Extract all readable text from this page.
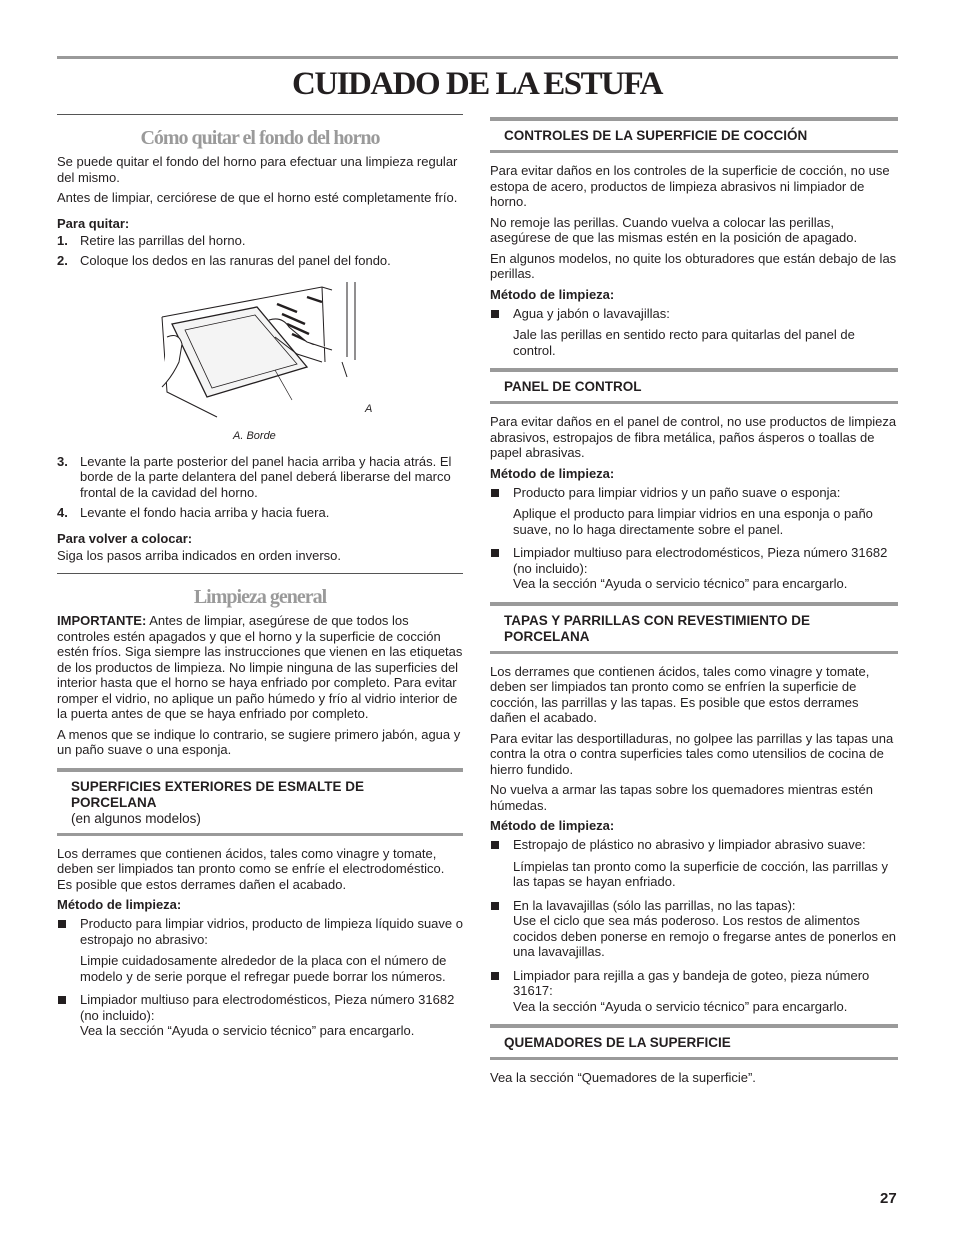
CUIDADO DE LA ESTUFA
Cómo quitar el fondo del horno

Se puede quitar el fondo del horno para efectuar una limpieza regular del mismo.

Antes de limpiar, cerciórese de que el horno esté completamente frío.

Para quitar:
1. Retire las parrillas del horno.
2. Coloque los dedos en las ranuras del panel del fondo.
A
A. Borde
3. Levante la parte posterior del panel hacia arriba y hacia atrás. El borde de la parte delantera del panel deberá liberarse del marco frontal de la cavidad del horno.
4. Levante el fondo hacia arriba y hacia fuera.
Para volver a colocar:

Siga los pasos arriba indicados en orden inverso.

Limpieza general

IMPORTANTE: Antes de limpiar, asegúrese de que todos los controles estén apagados y que el horno y la superficie de cocción estén fríos. Siga siempre las instrucciones que vienen en las etiquetas de los productos de limpieza. No limpie ninguna de las superficies del interior hasta que el horno se haya enfriado por completo. Para evitar romper el vidrio, no aplique un paño húmedo y frío al vidrio interior de la puerta antes de que se haya enfriado por completo.

A menos que se indique lo contrario, se sugiere primero jabón, agua y un paño suave o una esponja.

SUPERFICIES EXTERIORES DE ESMALTE DE PORCELANA
(en algunos modelos)

Los derrames que contienen ácidos, tales como vinagre y tomate, deben ser limpiados tan pronto como se enfríe el electrodoméstico. Es posible que estos derrames dañen el acabado.

Método de limpieza:
Producto para limpiar vidrios, producto de limpieza líquido suave o estropajo no abrasivo:
Limpie cuidadosamente alrededor de la placa con el número de modelo y de serie porque el refregar puede borrar los números.
Limpiador multiuso para electrodomésticos, Pieza número 31682 (no incluido):
Vea la sección “Ayuda o servicio técnico” para encargarlo.
CONTROLES DE LA SUPERFICIE DE COCCIÓN

Para evitar daños en los controles de la superficie de cocción, no use estopa de acero, productos de limpieza abrasivos ni limpiador de horno.

No remoje las perillas. Cuando vuelva a colocar las perillas, asegúrese de que las mismas estén en la posición de apagado.

En algunos modelos, no quite los obturadores que están debajo de las perillas.

Método de limpieza:
Agua y jabón o lavavajillas:
Jale las perillas en sentido recto para quitarlas del panel de control.
PANEL DE CONTROL

Para evitar daños en el panel de control, no use productos de limpieza abrasivos, estropajos de fibra metálica, paños ásperos o toallas de papel abrasivas.

Método de limpieza:
Producto para limpiar vidrios y un paño suave o esponja:
Aplique el producto para limpiar vidrios en una esponja o paño suave, no lo haga directamente sobre el panel.
Limpiador multiuso para electrodomésticos, Pieza número 31682 (no incluido):
Vea la sección “Ayuda o servicio técnico” para encargarlo.
TAPAS Y PARRILLAS CON REVESTIMIENTO DE PORCELANA

Los derrames que contienen ácidos, tales como vinagre y tomate, deben ser limpiados tan pronto como se enfríen la superficie de cocción, las parrillas y las tapas. Es posible que estos derrames dañen el acabado.

Para evitar las desportilladuras, no golpee las parrillas y las tapas una contra la otra o contra superficies tales como utensilios de cocina de hierro fundido.

No vuelva a armar las tapas sobre los quemadores mientras estén húmedas.

Método de limpieza:
Estropajo de plástico no abrasivo y limpiador abrasivo suave:
Límpielas tan pronto como la superficie de cocción, las parrillas y las tapas se hayan enfriado.
En la lavavajillas (sólo las parrillas, no las tapas):
Use el ciclo que sea más poderoso. Los restos de alimentos cocidos deben ponerse en remojo o fregarse antes de ponerlos en una lavavajillas.
Limpiador para rejilla a gas y bandeja de goteo, pieza número 31617:
Vea la sección “Ayuda o servicio técnico” para encargarlo.
QUEMADORES DE LA SUPERFICIE

Vea la sección “Quemadores de la superficie”.

27
